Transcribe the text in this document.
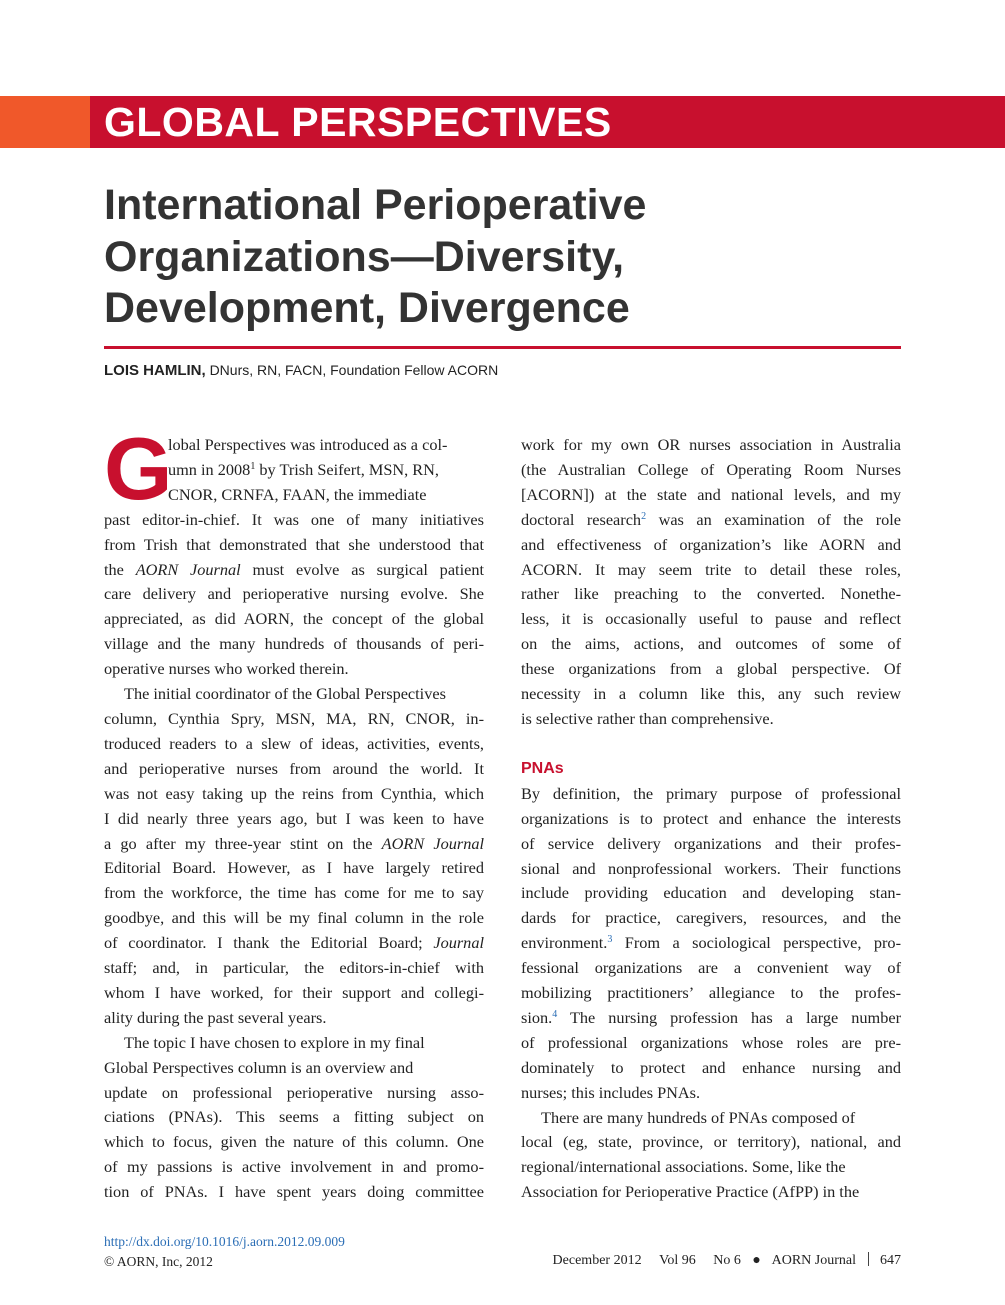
GLOBAL PERSPECTIVES
International Perioperative
Organizations—Diversity,
Development, Divergence
LOIS HAMLIN, DNurs, RN, FACN, Foundation Fellow ACORN
G
lobal Perspectives was introduced as a col-
umn in 2008$^1$ by Trish Seifert, MSN, RN,
CNOR, CRNFA, FAAN, the immediate
past editor-in-chief. It was one of many initiatives
from Trish that demonstrated that she understood that
the AORN Journal must evolve as surgical patient
care delivery and perioperative nursing evolve. She
appreciated, as did AORN, the concept of the global
village and the many hundreds of thousands of peri-
operative nurses who worked therein.
The initial coordinator of the Global Perspectives
column, Cynthia Spry, MSN, MA, RN, CNOR, in-
troduced readers to a slew of ideas, activities, events,
and perioperative nurses from around the world. It
was not easy taking up the reins from Cynthia, which
I did nearly three years ago, but I was keen to have
a go after my three-year stint on the AORN Journal
Editorial Board. However, as I have largely retired
from the workforce, the time has come for me to say
goodbye, and this will be my final column in the role
of coordinator. I thank the Editorial Board; Journal
staff; and, in particular, the editors-in-chief with
whom I have worked, for their support and collegi-
ality during the past several years.
The topic I have chosen to explore in my final
Global Perspectives column is an overview and
update on professional perioperative nursing asso-
ciations (PNAs). This seems a fitting subject on
which to focus, given the nature of this column. One
of my passions is active involvement in and promo-
tion of PNAs. I have spent years doing committee
work for my own OR nurses association in Australia
(the Australian College of Operating Room Nurses
[ACORN]) at the state and national levels, and my
doctoral research$^2$ was an examination of the role
and effectiveness of organization’s like AORN and
ACORN. It may seem trite to detail these roles,
rather like preaching to the converted. Nonethe-
less, it is occasionally useful to pause and reflect
on the aims, actions, and outcomes of some of
these organizations from a global perspective. Of
necessity in a column like this, any such review
is selective rather than comprehensive.
PNAs
By definition, the primary purpose of professional
organizations is to protect and enhance the interests
of service delivery organizations and their profes-
sional and nonprofessional workers. Their functions
include providing education and developing stan-
dards for practice, caregivers, resources, and the
environment.$^3$ From a sociological perspective, pro-
fessional organizations are a convenient way of
mobilizing practitioners’ allegiance to the profes-
sion.$^4$ The nursing profession has a large number
of professional organizations whose roles are pre-
dominately to protect and enhance nursing and
nurses; this includes PNAs.
There are many hundreds of PNAs composed of
local (eg, state, province, or territory), national, and
regional/international associations. Some, like the
Association for Perioperative Practice (AfPP) in the
http://dx.doi.org/10.1016/j.aorn.2012.09.009
© AORN, Inc, 2012	December 2012 Vol 96 No 6 ● AORN Journal 647
